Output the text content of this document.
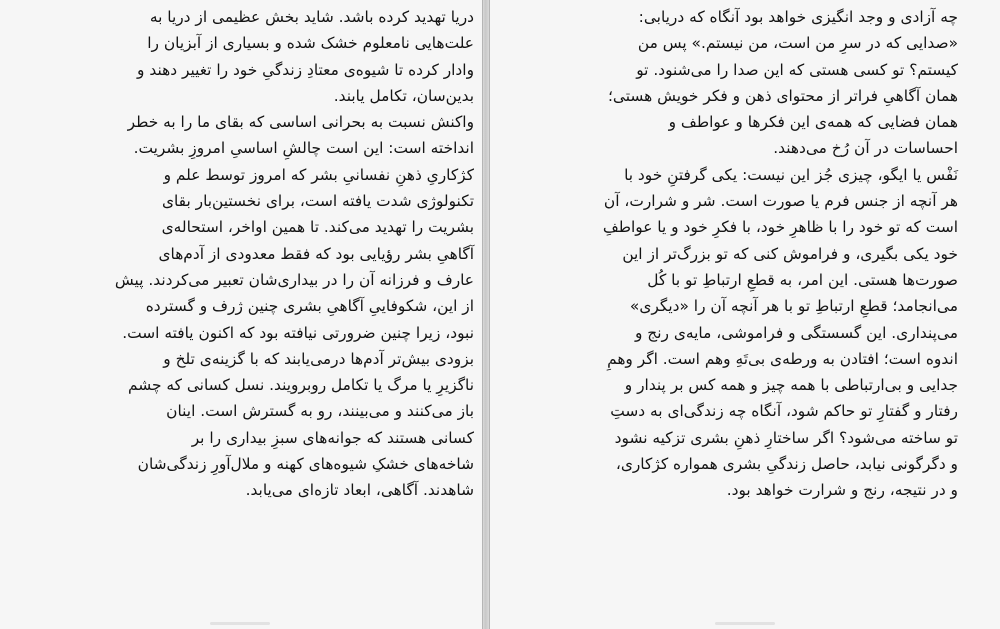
دریا تهدید کرده باشد. شاید بخش عظیمی از دریا به
علت‌هایی نامعلوم خشک شده و بسیاری از آبزیان را
وادار کرده تا شیوه‌ی معتادِ زندگیِ خود را تغییر دهند و
بدین‌سان، تکامل یابند.
واکنش نسبت به بحرانی اساسی که بقای ما را به خطر
انداخته است: این است چالشِ اساسیِ امروزِ بشریت.
کژکاریِ ذهنِ نفسانیِ بشر که امروز توسط علم و
تکنولوژی شدت یافته است، برای نخستین‌بار بقای
بشریت را تهدید می‌کند. تا همین اواخر، استحاله‌ی
آگاهیِ بشر رؤیایی بود که فقط معدودی از آدم‌های
عارف و فرزانه آن را در بیداری‌شان تعبیر می‌کردند. پیش
از این، شکوفاییِ آگاهیِ بشری چنین ژرف و گسترده
نبود، زیرا چنین ضرورتی نیافته بود که اکنون یافته است.
بزودی بیش‌تر آدم‌ها درمی‌یابند که با گزینه‌ی تلخ و
ناگزیرِ یا مرگ یا تکامل روبرویند. نسل کسانی که چشم
باز می‌کنند و می‌بینند، رو به گسترش است. اینان
کسانی هستند که جوانه‌های سبزِ بیداری را بر
شاخه‌های خشکِ شیوه‌های کهنه و ملال‌آورِ زندگی‌شان
شاهدند. آگاهی، ابعاد تازه‌ای می‌یابد.
چه آزادی و وجد انگیزی خواهد بود آنگاه که دریابی:
«صدایی که در سرِ من است، من نیستم.» پس من
کیستم؟ تو کسی هستی که این صدا را می‌شنود. تو
همان آگاهیِ فراتر از محتوای ذهن و فکر خویش هستی؛
همان فضایی که همه‌ی این فکرها و عواطف و
احساسات در آن رُخ می‌دهند.
نَفْس یا ایگو، چیزی جُز این نیست: یکی گرفتنِ خود با
هر آنچه از جنس فرم یا صورت است. شر و شرارت، آن
است که تو خود را با ظاهرِ خود، با فکرِ خود و یا عواطفِ
خود یکی بگیری، و فراموش کنی که تو بزرگ‌تر از این
صورت‌ها هستی. این امر، به قطعِ ارتباطِ تو با کُل
می‌انجامد؛ قطعِ ارتباطِ تو با هر آنچه آن را «دیگری»
می‌پنداری. این گسستگی و فراموشی، مایه‌ی رنج و
اندوه است؛ افتادن به ورطه‌ی بی‌تَهِ وهم است. اگر وهمِ
جدایی و بی‌ارتباطی با همه چیز و همه کس بر پندار و
رفتار و گفتارِ تو حاکم شود، آنگاه چه زندگی‌ای به دستِ
تو ساخته می‌شود؟ اگر ساختارِ ذهنِ بشری تزکیه نشود
و دگرگونی نیابد، حاصل زندگیِ بشری همواره کژکاری،
و در نتیجه، رنج و شرارت خواهد بود.
